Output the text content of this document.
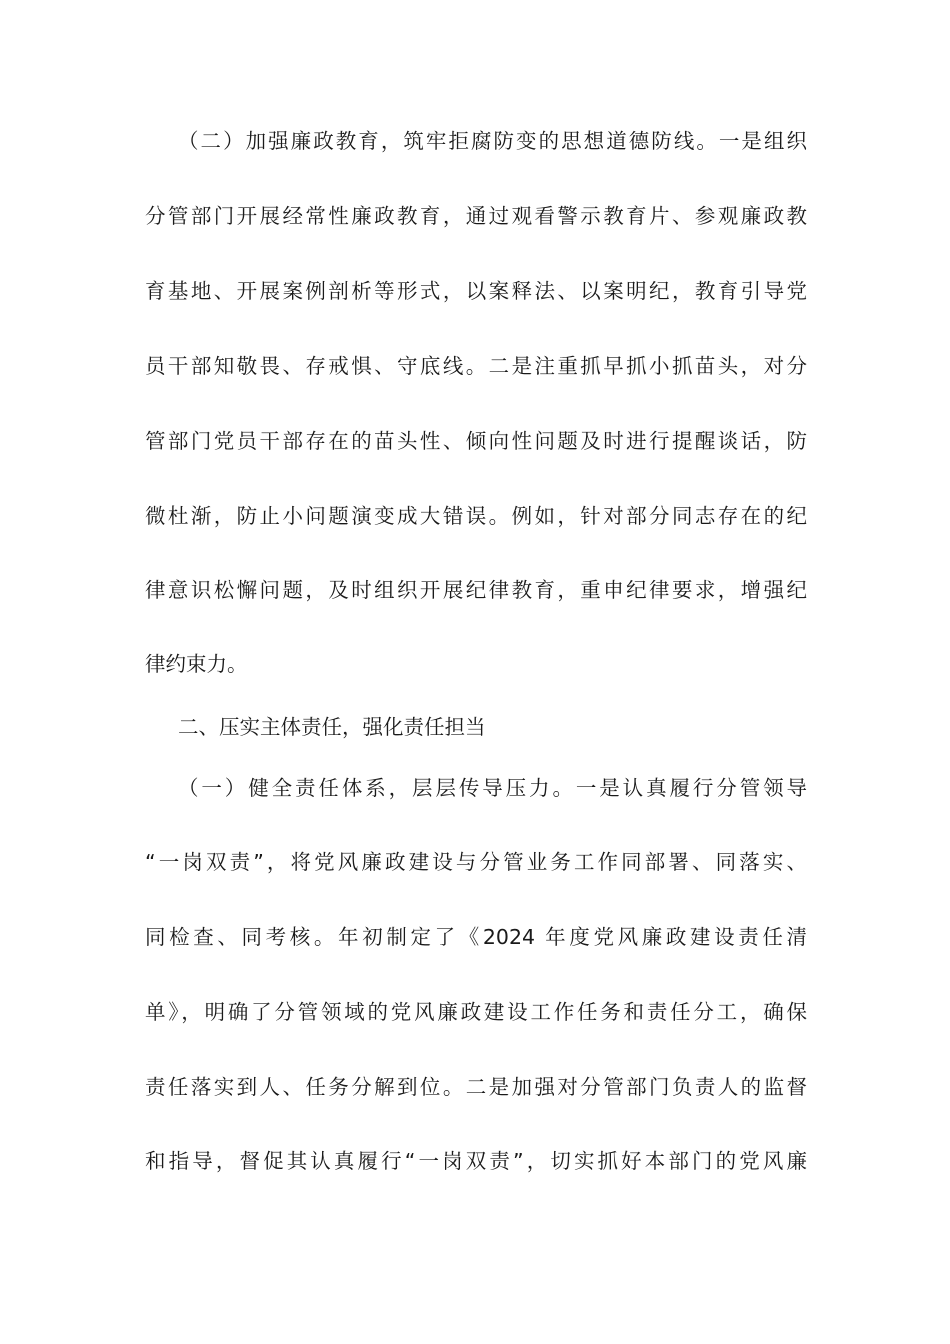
（二）加强廉政教育，筑牢拒腐防变的思想道德防线。一是组织
分管部门开展经常性廉政教育，通过观看警示教育片、参观廉政教
育基地、开展案例剖析等形式，以案释法、以案明纪，教育引导党
员干部知敬畏、存戒惧、守底线。二是注重抓早抓小抓苗头，对分
管部门党员干部存在的苗头性、倾向性问题及时进行提醒谈话，防
微杜渐，防止小问题演变成大错误。例如，针对部分同志存在的纪
律意识松懈问题，及时组织开展纪律教育，重申纪律要求，增强纪
律约束力。
二、压实主体责任，强化责任担当
（一）健全责任体系，层层传导压力。一是认真履行分管领导
“一岗双责”，将党风廉政建设与分管业务工作同部署、同落实、
同检查、同考核。年初制定了《2024 年度党风廉政建设责任清
单》，明确了分管领域的党风廉政建设工作任务和责任分工，确保
责任落实到人、任务分解到位。二是加强对分管部门负责人的监督
和指导，督促其认真履行“一岗双责”，切实抓好本部门的党风廉
